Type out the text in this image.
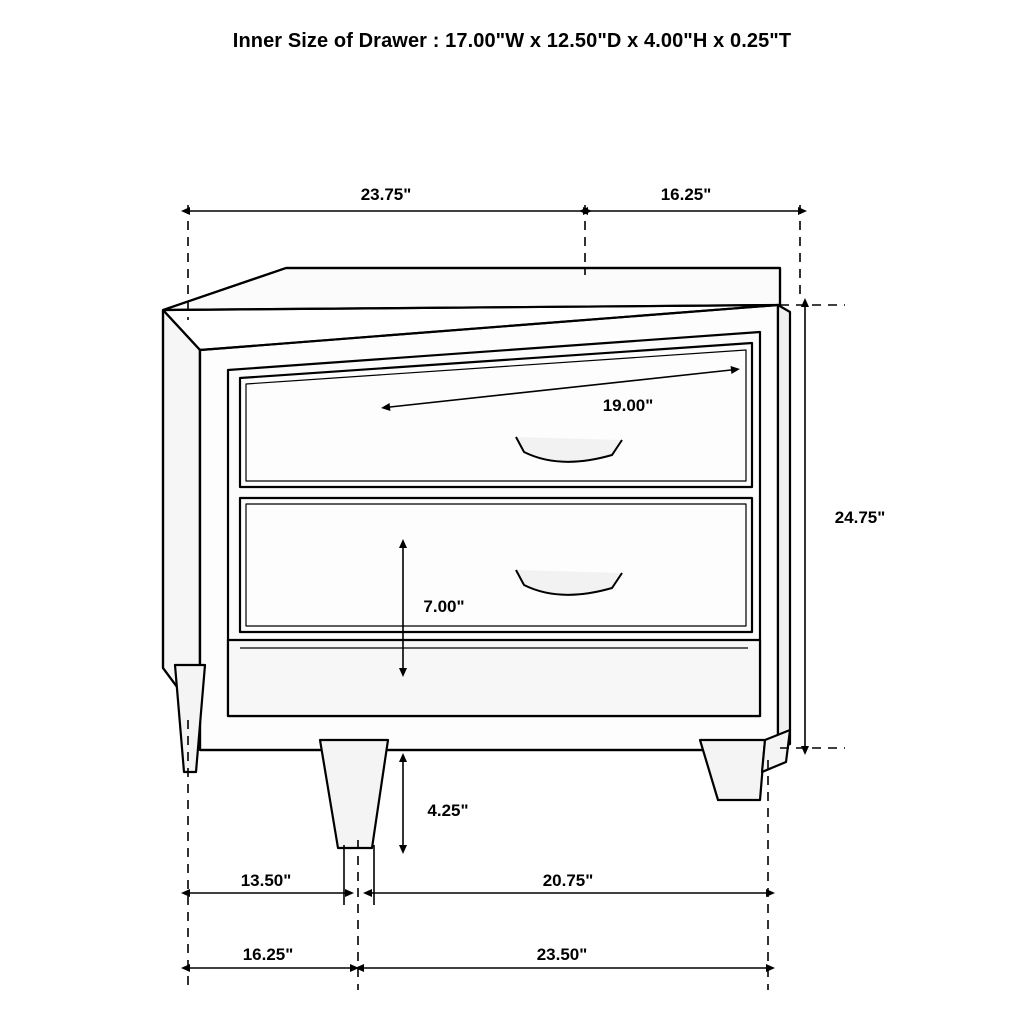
Inner Size of Drawer : 17.00"W x 12.50"D x 4.00"H x 0.25"T
23.75"	16.25"
19.00"
7.00"
24.75"
4.25"
13.50"	20.75"
16.25"	23.50"
